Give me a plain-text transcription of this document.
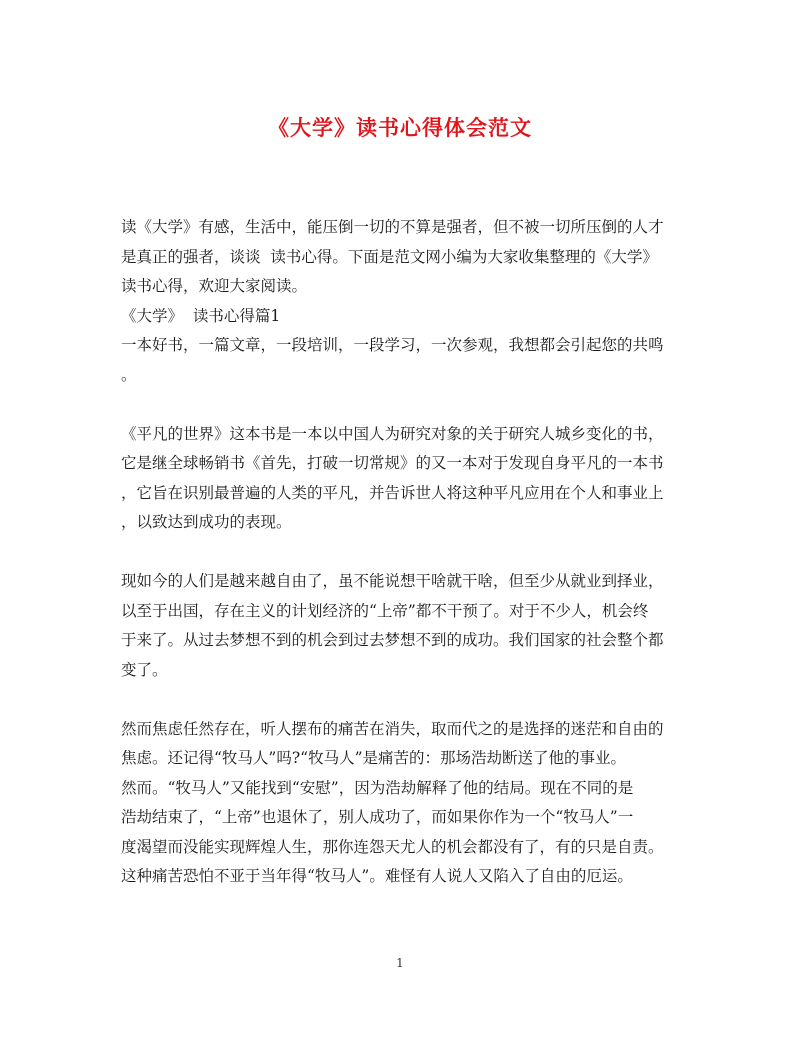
《大学》读书心得体会范文

读《大学》有感，生活中，能压倒一切的不算是强者，但不被一切所压倒的人才

是真正的强者，谈谈  读书心得。下面是范文网小编为大家收集整理的《大学》

读书心得，欢迎大家阅读。

《大学》  读书心得篇1

一本好书，一篇文章，一段培训，一段学习，一次参观，我想都会引起您的共鸣

。

《平凡的世界》这本书是一本以中国人为研究对象的关于研究人城乡变化的书，

它是继全球畅销书《首先，打破一切常规》的又一本对于发现自身平凡的一本书

，它旨在识别最普遍的人类的平凡，并告诉世人将这种平凡应用在个人和事业上

，以致达到成功的表现。

现如今的人们是越来越自由了，虽不能说想干啥就干啥，但至少从就业到择业，

以至于出国，存在主义的计划经济的“上帝”都不干预了。对于不少人，机会终

于来了。从过去梦想不到的机会到过去梦想不到的成功。我们国家的社会整个都

变了。

然而焦虑任然存在，听人摆布的痛苦在消失，取而代之的是选择的迷茫和自由的

焦虑。还记得“牧马人”吗?“牧马人”是痛苦的：那场浩劫断送了他的事业。

然而。“牧马人”又能找到“安慰”，因为浩劫解释了他的结局。现在不同的是

浩劫结束了，“上帝”也退休了，别人成功了，而如果你作为一个“牧马人”一

度渴望而没能实现辉煌人生，那你连怨天尤人的机会都没有了，有的只是自责。

这种痛苦恐怕不亚于当年得“牧马人”。难怪有人说人又陷入了自由的厄运。

1
